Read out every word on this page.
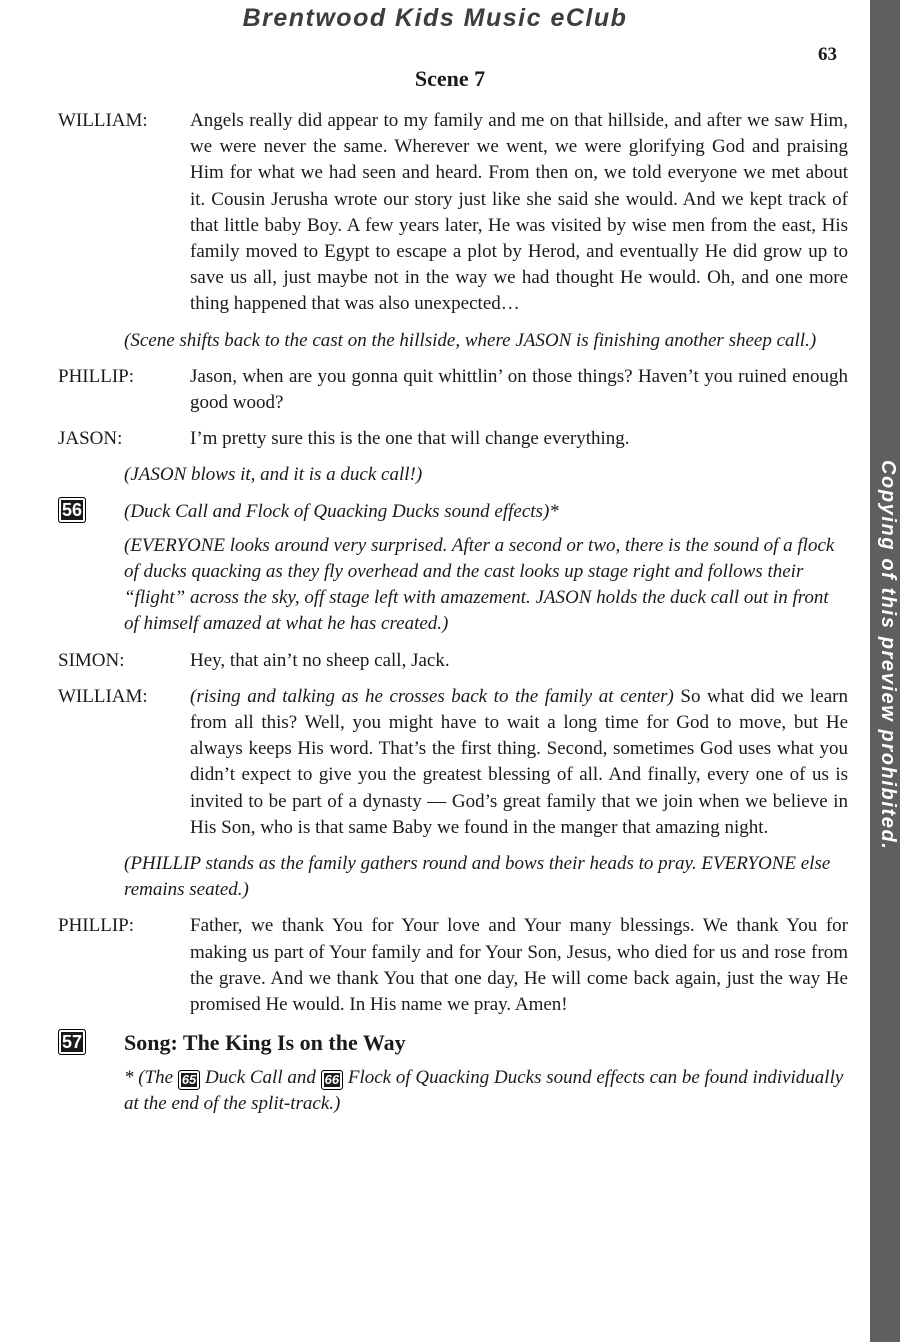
Brentwood Kids Music eClub
63
Copying of this preview prohibited.
Scene 7
WILLIAM:	Angels really did appear to my family and me on that hillside, and after we saw Him, we were never the same. Wherever we went, we were glorifying God and praising Him for what we had seen and heard. From then on, we told everyone we met about it. Cousin Jerusha wrote our story just like she said she would. And we kept track of that little baby Boy. A few years later, He was visited by wise men from the east, His family moved to Egypt to escape a plot by Herod, and eventually He did grow up to save us all, just maybe not in the way we had thought He would. Oh, and one more thing happened that was also unexpected…
(Scene shifts back to the cast on the hillside, where JASON is finishing another sheep call.)
PHILLIP:	Jason, when are you gonna quit whittlin’ on those things? Haven’t you ruined enough good wood?
JASON:	I’m pretty sure this is the one that will change everything.
(JASON blows it, and it is a duck call!)
56	(Duck Call and Flock of Quacking Ducks sound effects)*
(EVERYONE looks around very surprised. After a second or two, there is the sound of a flock of ducks quacking as they fly overhead and the cast looks up stage right and follows their “flight” across the sky, off stage left with amazement. JASON holds the duck call out in front of himself amazed at what he has created.)
SIMON:	Hey, that ain’t no sheep call, Jack.
WILLIAM:	(rising and talking as he crosses back to the family at center) So what did we learn from all this? Well, you might have to wait a long time for God to move, but He always keeps His word. That’s the first thing. Second, sometimes God uses what you didn’t expect to give you the greatest blessing of all. And finally, every one of us is invited to be part of a dynasty — God’s great family that we join when we believe in His Son, who is that same Baby we found in the manger that amazing night.
(PHILLIP stands as the family gathers round and bows their heads to pray. EVERYONE else remains seated.)
PHILLIP:	Father, we thank You for Your love and Your many blessings. We thank You for making us part of Your family and for Your Son, Jesus, who died for us and rose from the grave. And we thank You that one day, He will come back again, just the way He promised He would. In His name we pray. Amen!
57	Song: The King Is on the Way
* (The 65 Duck Call and 66 Flock of Quacking Ducks sound effects can be found individually at the end of the split-track.)
